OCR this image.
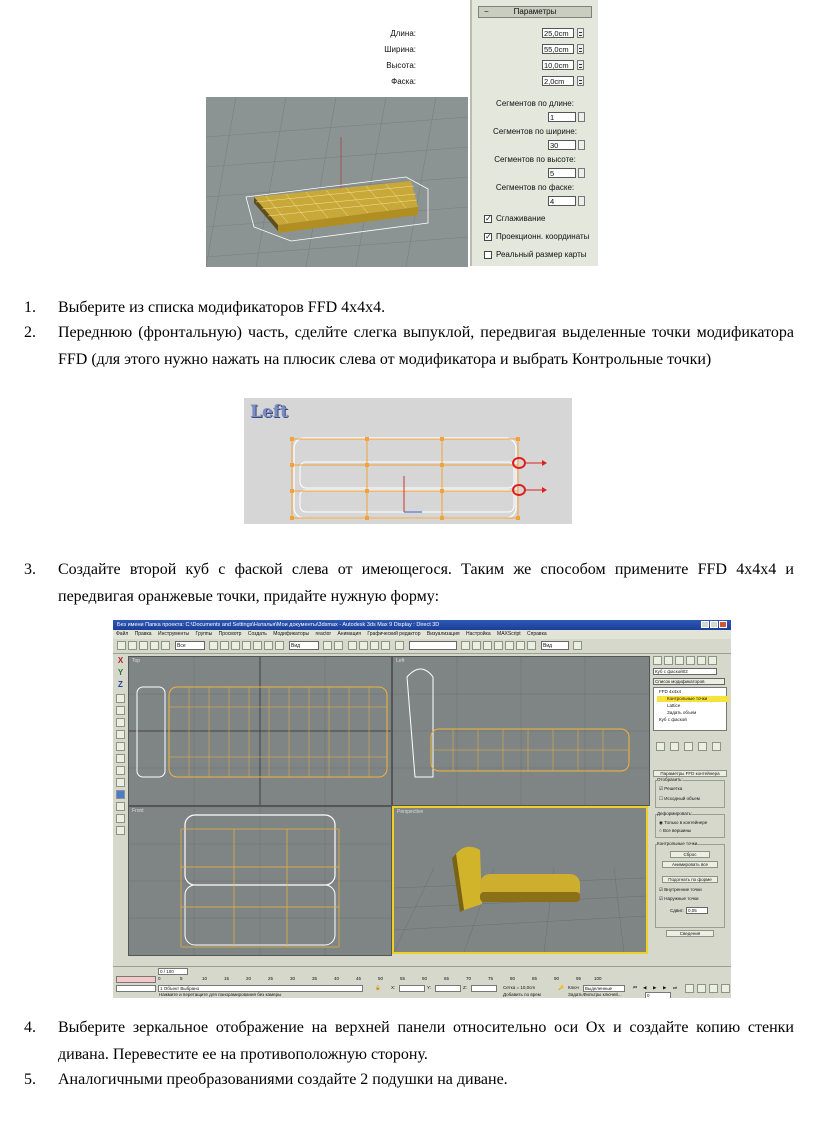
−	Параметры
Длина:	25,0cm
Ширина:	55,0cm
Высота:	10,0cm
Фаска:	2,0cm
Сегментов по длине:
1
Сегментов по ширине:
30
Сегментов по высоте:
5
Сегментов по фаске:
4
✓Сглаживание
✓Проекционн. координаты
Реальный размер карты
1.	Выберите из списка модификаторов FFD 4x4x4.
2.	Переднюю (фронтальную) часть, сделйте слегка выпуклой, передвигая выделенные точки модификатора FFD (для этого нужно нажать на плюсик слева от модификатора и выбрать Контрольные точки)
Left
3.	Создайте второй куб с фаской слева от имеющегося. Таким же способом примените FFD 4x4x4 и передвигая оранжевые точки, придайте нужную форму:
Без имени Папка проекта: C:\Documents and Settings\Наталья\Мои документы\3dsmax - Autodesk 3ds Max 9 Display : Direct 3D
Файл Правка Инструменты Группы Просмотр Создать Модификаторы reactor Анимация Графический редактор Визуализация Настройка MAXScript Справка
Все	Вид	Вид
X
Y
Z
Top	Left
Front	Perspective
Куб с фаской02
Список модификаторов
FFD 4x4x4
Контрольные точки
Lattice
Задать объем
Куб с фаской
Параметры FFD контейнера
Отобразить:
☑ Решетка
☐ Исходный объем
Деформировать:
◉ Только в контейнере
○ Все вершины
Контрольные точки
Сброс
Анимировать все
Подогнать по форме
☑ Внутренние точки
☑ Наружные точки
Сдвиг: 0,05
Сведения
0 / 100
0	5	10	15	20	25	30	35	40	45	50	55	60	65	70	75	80	85	90	95	100
1 Объект Выбрано
Нажмите и перетащите для панорамирования без камеры
🔒 X:	Y:	Z:	Сетка = 10,0cm
Добавить по врем
🔑 Ключ	Выделенные
Задать Фильтры ключей...
⏮ ◀ ▶ ▶ ⏭
0
4.	Выберите зеркальное отображение на верхней панели относительно оси Ox и создайте копию стенки дивана. Перевестите ее на противоположную сторону.
5.	Аналогичными преобразованиями создайте 2 подушки на диване.
